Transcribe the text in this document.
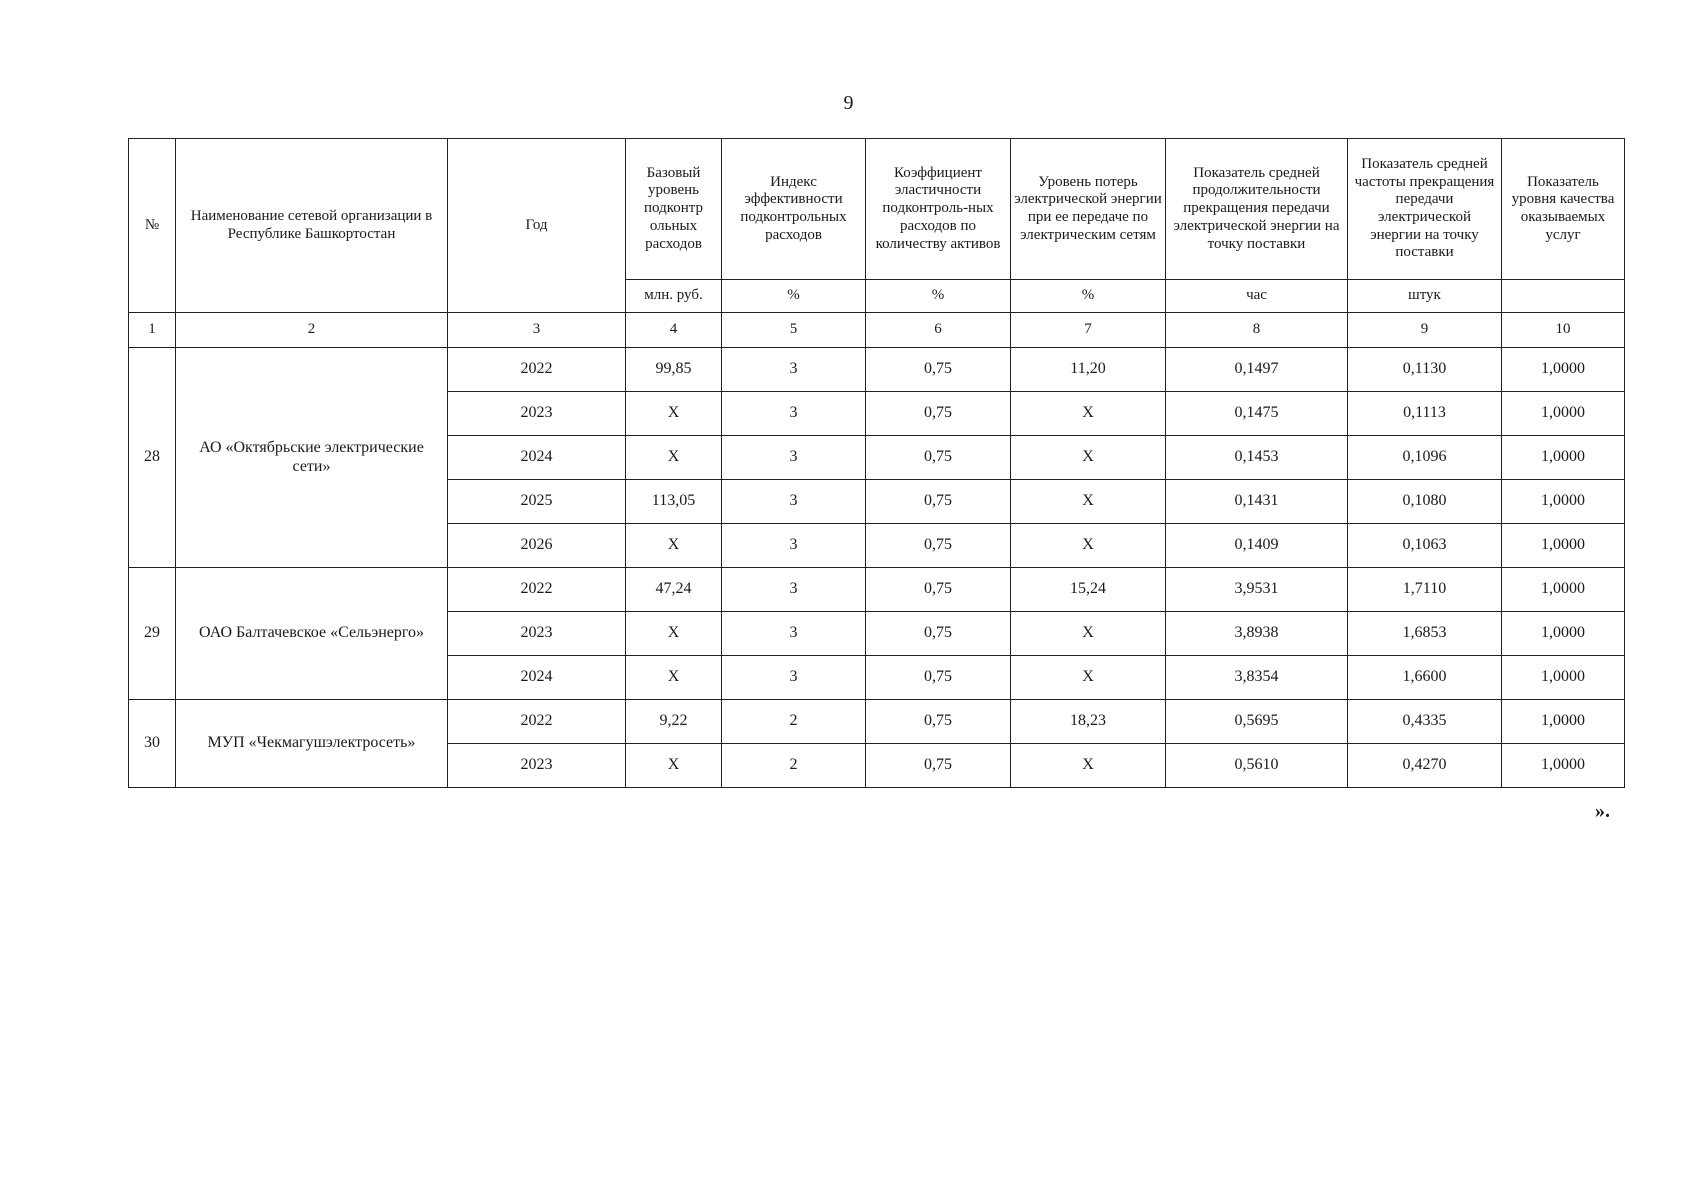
9
№	Наименование сетевой организации в Республике Башкортостан	Год	Базовый уровень подконтр ольных расходов	Индекс эффективности подконтрольных расходов	Коэффициент эластичности подконтроль-ных расходов по количеству активов	Уровень потерь электрической энергии при ее передаче по электрическим сетям	Показатель средней продолжительности прекращения передачи электрической энергии на точку поставки	Показатель средней частоты прекращения передачи электрической энергии на точку поставки	Показатель уровня качества оказываемых услуг
			млн. руб.	%	%	%	час	штук	
1	2	3	4	5	6	7	8	9	10
28	АО «Октябрьские электрические сети»	2022	99,85	3	0,75	11,20	0,1497	0,1130	1,0000
		2023	Х	3	0,75	Х	0,1475	0,1113	1,0000
		2024	Х	3	0,75	Х	0,1453	0,1096	1,0000
		2025	113,05	3	0,75	Х	0,1431	0,1080	1,0000
		2026	Х	3	0,75	Х	0,1409	0,1063	1,0000
29	ОАО Балтачевское «Сельэнерго»	2022	47,24	3	0,75	15,24	3,9531	1,7110	1,0000
		2023	Х	3	0,75	Х	3,8938	1,6853	1,0000
		2024	Х	3	0,75	Х	3,8354	1,6600	1,0000
30	МУП «Чекмагушэлектросеть»	2022	9,22	2	0,75	18,23	0,5695	0,4335	1,0000
		2023	Х	2	0,75	Х	0,5610	0,4270	1,0000
».
